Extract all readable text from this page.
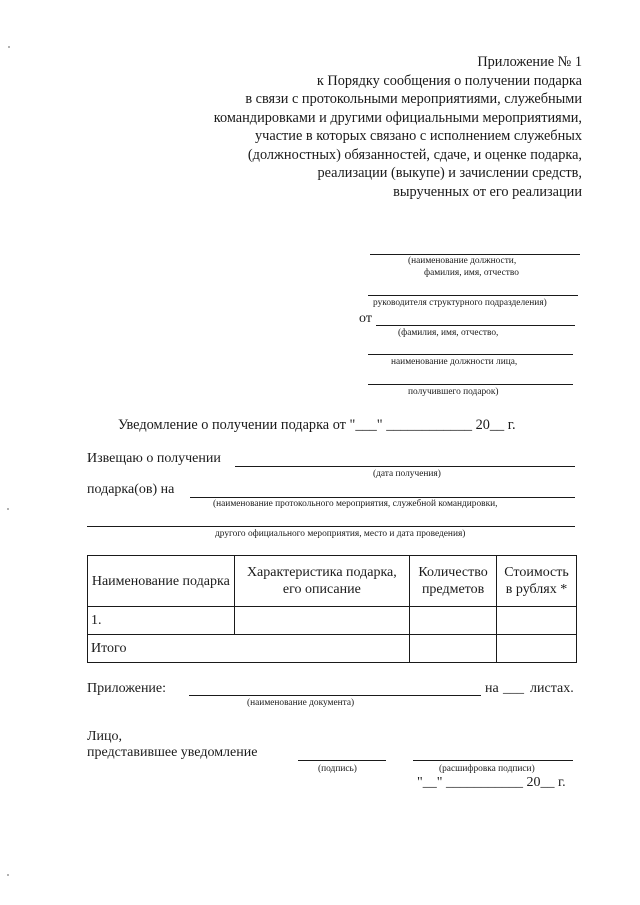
Приложение № 1
к Порядку сообщения о получении подарка
в связи с протокольными мероприятиями, служебными
командировками и другими официальными мероприятиями,
участие в которых связано с исполнением служебных
(должностных) обязанностей, сдаче, и оценке подарка,
реализации (выкупе) и зачислении средств,
вырученных от его реализации
(наименование должности,
фамилия, имя, отчество
руководителя структурного подразделения)
от
(фамилия, имя, отчество,
наименование должности лица,
получившего подарок)
Уведомление о получении подарка от "___" ____________ 20__ г.
Извещаю о получении
(дата получения)
подарка(ов) на
(наименование протокольного мероприятия, служебной командировки,
другого официального мероприятия, место и дата проведения)
Наименование подарка	Характеристика подарка, его описание	Количество предметов	Стоимость в рублях *
1.			
Итого			
Приложение:	на ___ листах.
(наименование документа)
Лицо,
представившее уведомление
(подпись)	(расшифровка подписи)
"__" ___________ 20__ г.
